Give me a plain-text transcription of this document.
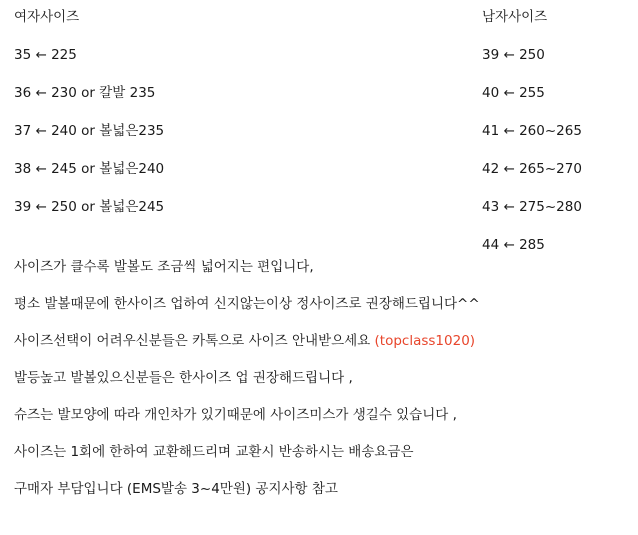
여자사이즈
35 ← 225
36 ← 230 or 칼발 235
37 ← 240 or 볼넓은235
38 ← 245 or 볼넓은240
39 ← 250 or 볼넓은245
남자사이즈
39 ← 250
40 ← 255
41 ← 260~265
42 ← 265~270
43 ← 275~280
44 ← 285
사이즈가 클수록 발볼도 조금씩 넓어지는 편입니다,
평소 발볼때문에 한사이즈 업하여 신지않는이상 정사이즈로 권장해드립니다^^
사이즈선택이 어려우신분들은 카톡으로 사이즈 안내받으세요 (topclass1020)
발등높고 발볼있으신분들은 한사이즈 업 권장해드립니다 ,
슈즈는 발모양에 따라 개인차가 있기때문에 사이즈미스가 생길수 있습니다 ,
사이즈는 1회에 한하여 교환해드리며 교환시 반송하시는 배송요금은
구매자 부담입니다 (EMS발송 3~4만원) 공지사항 참고
